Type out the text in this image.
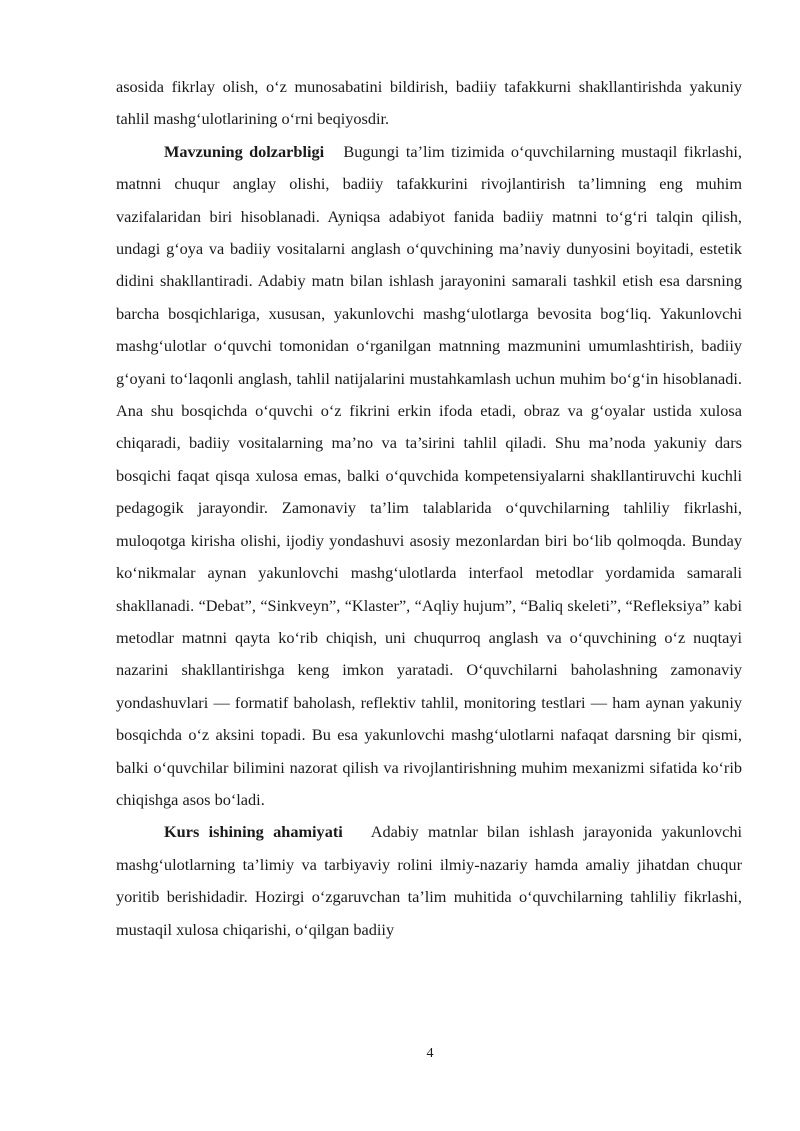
asosida fikrlay olish, o‘z munosabatini bildirish, badiiy tafakkurni shakllantirishda yakuniy tahlil mashg‘ulotlarining o‘rni beqiyosdir.

Mavzuning dolzarbligi Bugungi ta’lim tizimida o‘quvchilarning mustaqil fikrlashi, matnni chuqur anglay olishi, badiiy tafakkurini rivojlantirish ta’limning eng muhim vazifalaridan biri hisoblanadi. Ayniqsa adabiyot fanida badiiy matnni to‘g‘ri talqin qilish, undagi g‘oya va badiiy vositalarni anglash o‘quvchining ma’naviy dunyosini boyitadi, estetik didini shakllantiradi. Adabiy matn bilan ishlash jarayonini samarali tashkil etish esa darsning barcha bosqichlariga, xususan, yakunlovchi mashg‘ulotlarga bevosita bog‘liq. Yakunlovchi mashg‘ulotlar o‘quvchi tomonidan o‘rganilgan matnning mazmunini umumlashtirish, badiiy g‘oyani to‘laqonli anglash, tahlil natijalarini mustahkamlash uchun muhim bo‘g‘in hisoblanadi. Ana shu bosqichda o‘quvchi o‘z fikrini erkin ifoda etadi, obraz va g‘oyalar ustida xulosa chiqaradi, badiiy vositalarning ma’no va ta’sirini tahlil qiladi. Shu ma’noda yakuniy dars bosqichi faqat qisqa xulosa emas, balki o‘quvchida kompetensiyalarni shakllantiruvchi kuchli pedagogik jarayondir. Zamonaviy ta’lim talablarida o‘quvchilarning tahliliy fikrlashi, muloqotga kirisha olishi, ijodiy yondashuvi asosiy mezonlardan biri bo‘lib qolmoqda. Bunday ko‘nikmalar aynan yakunlovchi mashg‘ulotlarda interfaol metodlar yordamida samarali shakllanadi. “Debat”, “Sinkveyn”, “Klaster”, “Aqliy hujum”, “Baliq skeleti”, “Refleksiya” kabi metodlar matnni qayta ko‘rib chiqish, uni chuqurroq anglash va o‘quvchining o‘z nuqtayi nazarini shakllantirishga keng imkon yaratadi. O‘quvchilarni baholashning zamonaviy yondashuvlari — formatif baholash, reflektiv tahlil, monitoring testlari — ham aynan yakuniy bosqichda o‘z aksini topadi. Bu esa yakunlovchi mashg‘ulotlarni nafaqat darsning bir qismi, balki o‘quvchilar bilimini nazorat qilish va rivojlantirishning muhim mexanizmi sifatida ko‘rib chiqishga asos bo‘ladi.

Kurs ishining ahamiyati Adabiy matnlar bilan ishlash jarayonida yakunlovchi mashg‘ulotlarning ta’limiy va tarbiyaviy rolini ilmiy-nazariy hamda amaliy jihatdan chuqur yoritib berishidadir. Hozirgi o‘zgaruvchan ta’lim muhitida o‘quvchilarning tahliliy fikrlashi, mustaqil xulosa chiqarishi, o‘qilgan badiiy

4
